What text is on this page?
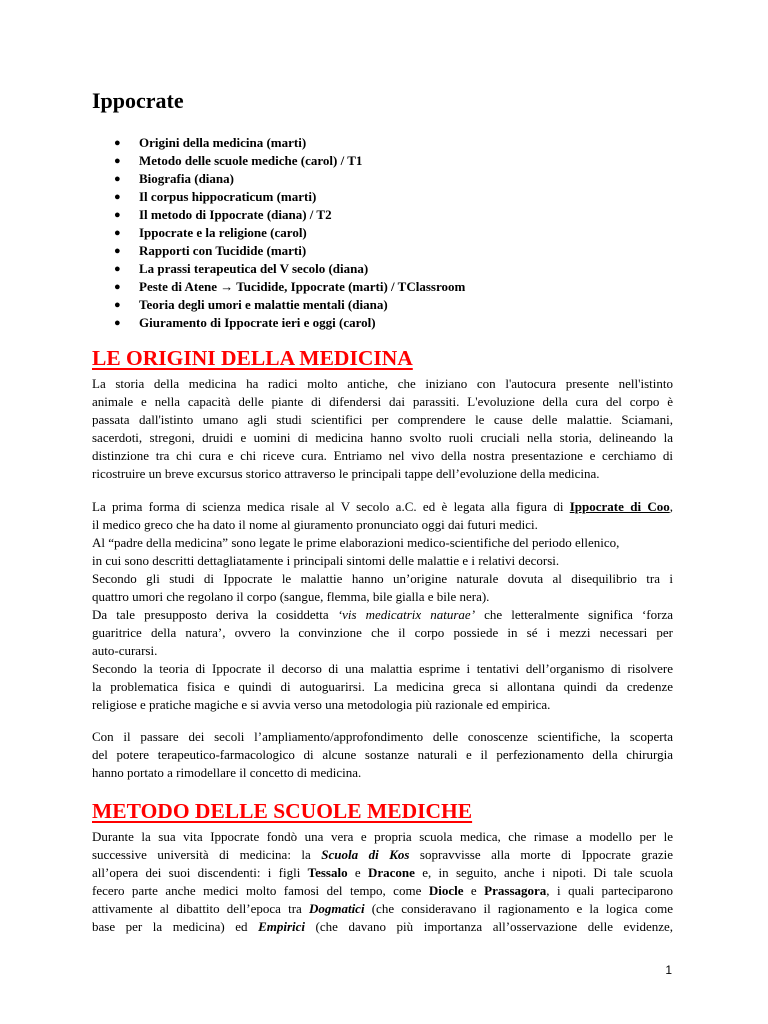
Ippocrate
● Origini della medicina (marti)
● Metodo delle scuole mediche (carol) / T1
● Biografia (diana)
● Il corpus hippocraticum (marti)
● Il metodo di Ippocrate (diana) / T2
● Ippocrate e la religione (carol)
● Rapporti con Tucidide (marti)
● La prassi terapeutica del V secolo (diana)
● Peste di Atene → Tucidide, Ippocrate (marti) / TClassroom
● Teoria degli umori e malattie mentali (diana)
● Giuramento di Ippocrate ieri e oggi (carol)
LE ORIGINI DELLA MEDICINA

La storia della medicina ha radici molto antiche, che iniziano con l'autocura presente nell'istinto
animale e nella capacità delle piante di difendersi dai parassiti. L'evoluzione della cura del corpo è
passata dall'istinto umano agli studi scientifici per comprendere le cause delle malattie. Sciamani,
sacerdoti, stregoni, druidi e uomini di medicina hanno svolto ruoli cruciali nella storia, delineando la
distinzione tra chi cura e chi riceve cura. Entriamo nel vivo della nostra presentazione e cerchiamo di
ricostruire un breve excursus storico attraverso le principali tappe dell’evoluzione della medicina.

La prima forma di scienza medica risale al V secolo a.C. ed è legata alla figura di Ippocrate di Coo,
il medico greco che ha dato il nome al giuramento pronunciato oggi dai futuri medici.
Al “padre della medicina” sono legate le prime elaborazioni medico-scientifiche del periodo ellenico,
in cui sono descritti dettagliatamente i principali sintomi delle malattie e i relativi decorsi.
Secondo gli studi di Ippocrate le malattie hanno un’origine naturale dovuta al disequilibrio tra i
quattro umori che regolano il corpo (sangue, flemma, bile gialla e bile nera).
Da tale presupposto deriva la cosiddetta ‘vis medicatrix naturae’ che letteralmente significa ‘forza
guaritrice della natura’, ovvero la convinzione che il corpo possiede in sé i mezzi necessari per
auto-curarsi.
Secondo la teoria di Ippocrate il decorso di una malattia esprime i tentativi dell’organismo di risolvere
la problematica fisica e quindi di autoguarirsi. La medicina greca si allontana quindi da credenze
religiose e pratiche magiche e si avvia verso una metodologia più razionale ed empirica.

Con il passare dei secoli l’ampliamento/approfondimento delle conoscenze scientifiche, la scoperta
del potere terapeutico-farmacologico di alcune sostanze naturali e il perfezionamento della chirurgia
hanno portato a rimodellare il concetto di medicina.

METODO DELLE SCUOLE MEDICHE

Durante la sua vita Ippocrate fondò una vera e propria scuola medica, che rimase a modello per le
successive università di medicina: la Scuola di Kos sopravvisse alla morte di Ippocrate grazie
all’opera dei suoi discendenti: i figli Tessalo e Dracone e, in seguito, anche i nipoti. Di tale scuola
fecero parte anche medici molto famosi del tempo, come Diocle e Prassagora, i quali parteciparono
attivamente al dibattito dell’epoca tra Dogmatici (che consideravano il ragionamento e la logica come
base per la medicina) ed Empirici (che davano più importanza all’osservazione delle evidenze,

1
